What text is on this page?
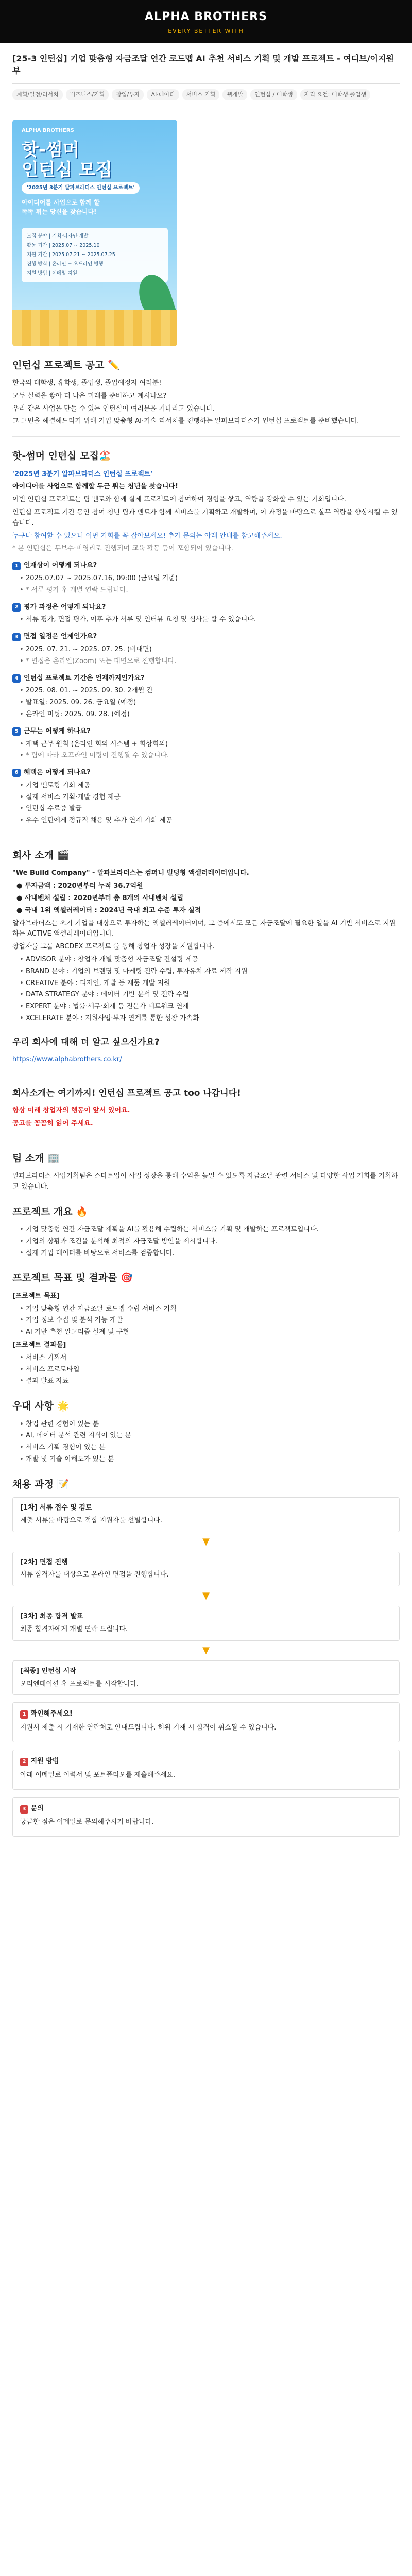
ALPHA BROTHERS
EVERY BETTER WITH
[25-3 인턴십] 기업 맞춤형 자금조달 연간 로드맵 AI 추천 서비스 기획 및 개발 프로젝트 - 여디브/이지원부
계획/일정/리서치	비즈니스/기획	창업/투자	AI·데이터	서비스 기획	웹개발	인턴십 / 대학생	자격 요건: 대학생·졸업생
ALPHA BROTHERS
핫-썸머
인턴십 모집
'2025년 3분기 알파브라더스 인턴십 프로젝트'
아이디어를 사업으로 함께 할
똑똑 튀는 당신을 찾습니다!
모집 분야 | 기획·디자인·개발
활동 기간 | 2025.07 ~ 2025.10
지원 기간 | 2025.07.21 ~ 2025.07.25
진행 방식 | 온라인 + 오프라인 병행
지원 방법 | 이메일 지원
인턴십 프로젝트 공고 ✏️

한국의 대학생, 휴학생, 졸업생, 졸업예정자 여러분!

모두 실력을 쌓아 더 나은 미래를 준비하고 계시나요?

우리 같은 사업을 만들 수 있는 인턴십이 여러분을 기다리고 있습니다.

그 고민을 해결해드리기 위해 기업 맞춤형 AI·기술 리서치를 진행하는 알파브라더스가 인턴십 프로젝트를 준비했습니다.

핫-썸머 인턴십 모집🏖️

'2025년 3분기 알파브라더스 인턴십 프로젝트'

아이디어를 사업으로 함께할 두근 튀는 청년을 찾습니다!

이번 인턴십 프로젝트는 팀 멘토와 함께 실제 프로젝트에 참여하여 경험을 쌓고, 역량을 강화할 수 있는 기회입니다.

인턴십 프로젝트 기간 동안 참여 청년 팀과 멘토가 함께 서비스를 기획하고 개발하며, 이 과정을 바탕으로 실무 역량을 향상시킬 수 있습니다.

누구나 참여할 수 있으니 이번 기회를 꼭 잡아보세요! 추가 문의는 아래 안내를 참고해주세요.

* 본 인턴십은 무보수·비영리로 진행되며 교육 활동 등이 포함되어 있습니다.

1 인재상이 어떻게 되나요?
• 2025.07.07 ~ 2025.07.16, 09:00 (금요일 기준)
• * 서류 평가 후 개별 연락 드립니다.
2 평가 과정은 어떻게 되나요?
• 서류 평가, 면접 평가, 이후 추가 서류 및 인터뷰 요청 및 심사를 할 수 있습니다.
3 면접 일정은 언제인가요?
• 2025. 07. 21. ~ 2025. 07. 25. (비대면)
• * 면접은 온라인(Zoom) 또는 대면으로 진행합니다.
4 인턴십 프로젝트 기간은 언제까지인가요?
• 2025. 08. 01. ~ 2025. 09. 30. 2개월 간
• 발표일: 2025. 09. 26. 금요일 (예정)
• 온라인 미팅: 2025. 09. 28. (예정)
5 근무는 어떻게 하나요?
• 재택 근무 원칙 (온라인 회의 시스템 + 화상회의)
• * 팀에 따라 오프라인 미팅이 진행될 수 있습니다.
6 혜택은 어떻게 되나요?
• 기업 멘토링 기회 제공
• 실제 서비스 기획·개발 경험 제공
• 인턴십 수료증 발급
• 우수 인턴에게 정규직 채용 및 추가 연계 기회 제공
회사 소개 🎬

"We Build Company" - 알파브라더스는 컴퍼니 빌딩형 액셀러레이터입니다.

● 투자금액 : 2020년부터 누적 36.7억원
● 사내벤처 설립 : 2020년부터 총 8개의 사내벤처 설립
● 국내 1위 액셀러레이터 : 2024년 국내 최고 수준 투자 실적

알파브라더스는 초기 기업을 대상으로 투자하는 액셀러레이터이며, 그 중에서도 모든 자금조달에 필요한 일을 AI 기반 서비스로 지원하는 ACTIVE 액셀러레이터입니다.

창업자를 그룹 ABCDEX 프로젝트 를 통해 창업자 성장을 지원합니다.

• ADVISOR 분야 : 창업자 개별 맞춤형 자금조달 컨설팅 제공
• BRAND 분야 : 기업의 브랜딩 및 마케팅 전략 수립, 투자유치 자료 제작 지원
• CREATIVE 분야 : 디자인, 개발 등 제품 개발 지원
• DATA STRATEGY 분야 : 데이터 기반 분석 및 전략 수립
• EXPERT 분야 : 법률·세무·회계 등 전문가 네트워크 연계
• XCELERATE 분야 : 지원사업·투자 연계를 통한 성장 가속화
우리 회사에 대해 더 알고 싶으신가요?

https://www.alphabrothers.co.kr/

회사소개는 여기까지! 인턴십 프로젝트 공고 too 나갑니다!

항상 미래 창업자의 행동이 앞서 있어요.

공고를 꼼꼼히 읽어 주세요.

팀 소개 🏢

알파브라더스 사업기획팀은 스타트업이 사업 성장을 통해 수익을 높일 수 있도록 자금조달 관련 서비스 및 다양한 사업 기회를 기획하고 있습니다.

프로젝트 개요 🔥
• 기업 맞춤형 연간 자금조달 계획을 AI를 활용해 수립하는 서비스를 기획 및 개발하는 프로젝트입니다.
• 기업의 상황과 조건을 분석해 최적의 자금조달 방안을 제시합니다.
• 실제 기업 데이터를 바탕으로 서비스를 검증합니다.
프로젝트 목표 및 결과물 🎯

[프로젝트 목표]

• 기업 맞춤형 연간 자금조달 로드맵 수립 서비스 기획
• 기업 정보 수집 및 분석 기능 개발
• AI 기반 추천 알고리즘 설계 및 구현

[프로젝트 결과물]

• 서비스 기획서
• 서비스 프로토타입
• 결과 발표 자료
우대 사항 🌟
• 창업 관련 경험이 있는 분
• AI, 데이터 분석 관련 지식이 있는 분
• 서비스 기획 경험이 있는 분
• 개발 및 기술 이해도가 있는 분
채용 과정 📝
[1차] 서류 접수 및 검토
제출 서류를 바탕으로 적합 지원자를 선별합니다.
▼
[2차] 면접 진행
서류 합격자를 대상으로 온라인 면접을 진행합니다.
▼
[3차] 최종 합격 발표
최종 합격자에게 개별 연락 드립니다.
▼
[최종] 인턴십 시작
오리엔테이션 후 프로젝트를 시작합니다.
1 확인해주세요!

지원서 제출 시 기재한 연락처로 안내드립니다. 허위 기재 시 합격이 취소될 수 있습니다.

2 지원 방법

아래 이메일로 이력서 및 포트폴리오를 제출해주세요.

3 문의

궁금한 점은 이메일로 문의해주시기 바랍니다.
